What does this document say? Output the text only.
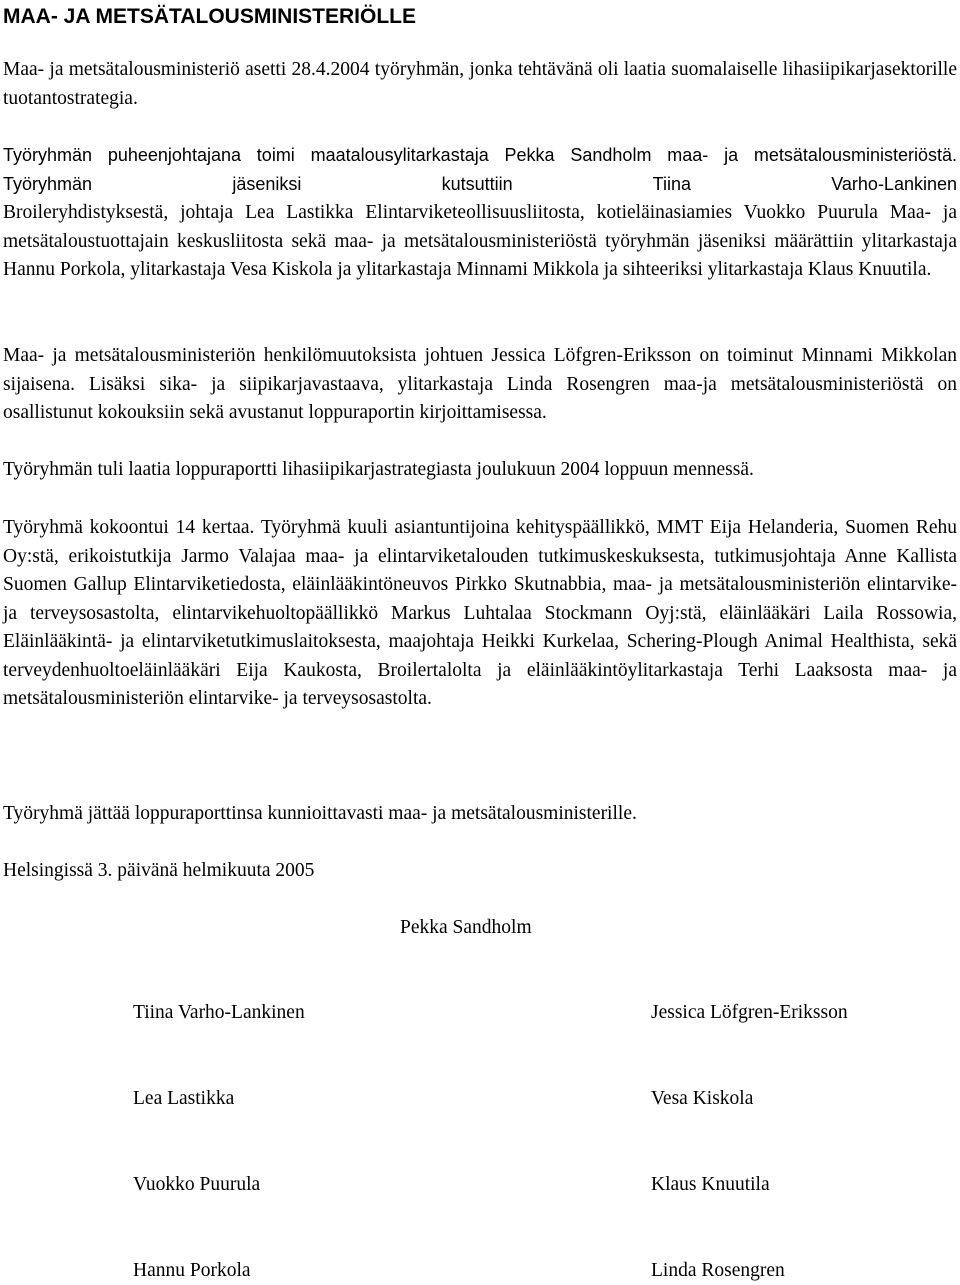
MAA- JA METSÄTALOUSMINISTERIÖLLE

Maa- ja metsätalousministeriö asetti 28.4.2004 työryhmän, jonka tehtävänä oli laatia suomalaiselle lihasiipikarjasektorille tuotantostrategia.

Työryhmän puheenjohtajana toimi maatalousylitarkastaja Pekka Sandholm maa- ja metsätalousministeriöstä. Työryhmän jäseniksi kutsuttiin Tiina Varho-Lankinen

Broileryhdistyksestä, johtaja Lea Lastikka Elintarviketeollisuusliitosta, kotieläinasiamies Vuokko Puurula Maa- ja metsätaloustuottajain keskusliitosta sekä maa- ja metsätalousministeriöstä työryhmän jäseniksi määrättiin ylitarkastaja Hannu Porkola, ylitarkastaja Vesa Kiskola ja ylitarkastaja Minnami Mikkola ja sihteeriksi ylitarkastaja Klaus Knuutila.

Maa- ja metsätalousministeriön henkilömuutoksista johtuen Jessica Löfgren-Eriksson on toiminut Minnami Mikkolan sijaisena. Lisäksi sika- ja siipikarjavastaava, ylitarkastaja Linda Rosengren maa-ja metsätalousministeriöstä on osallistunut kokouksiin sekä avustanut loppuraportin kirjoittamisessa.

Työryhmän tuli laatia loppuraportti lihasiipikarjastrategiasta joulukuun 2004 loppuun mennessä.

Työryhmä kokoontui 14 kertaa. Työryhmä kuuli asiantuntijoina kehityspäällikkö, MMT Eija Helanderia, Suomen Rehu Oy:stä, erikoistutkija Jarmo Valajaa maa- ja elintarviketalouden tutkimuskeskuksesta, tutkimusjohtaja Anne Kallista Suomen Gallup Elintarviketiedosta, eläinlääkintöneuvos Pirkko Skutnabbia, maa- ja metsätalousministeriön elintarvike- ja terveysosastolta, elintarvikehuoltopäällikkö Markus Luhtalaa Stockmann Oyj:stä, eläinlääkäri Laila Rossowia, Eläinlääkintä- ja elintarviketutkimuslaitoksesta, maajohtaja Heikki Kurkelaa, Schering-Plough Animal Healthista, sekä terveydenhuoltoeläinlääkäri Eija Kaukosta, Broilertalolta ja eläinlääkintöylitarkastaja Terhi Laaksosta maa- ja metsätalousministeriön elintarvike- ja terveysosastolta.

Työryhmä jättää loppuraporttinsa kunnioittavasti maa- ja metsätalousministerille.

Helsingissä 3. päivänä helmikuuta 2005

Pekka Sandholm

Tiina Varho-Lankinen	Jessica Löfgren-Eriksson

Lea Lastikka	Vesa Kiskola

Vuokko Puurula	Klaus Knuutila

Hannu Porkola	Linda Rosengren
